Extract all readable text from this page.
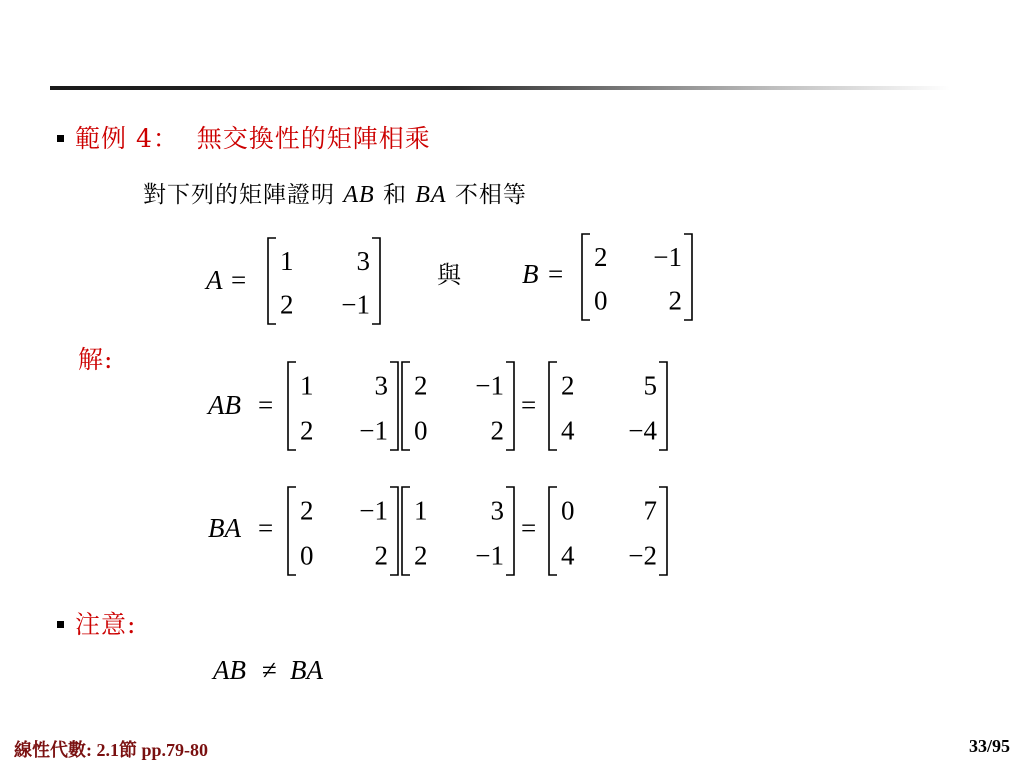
範例 4： 無交換性的矩陣相乘
對下列的矩陣證明 AB 和 BA 不相等
解:
注意:
A =
1 3
2 −1
與 B =
2 −1
0 2
AB =
1 3
2 −1
2 −1
0 2
=
2	5
4 −4
BA =
2 −1
0 2
1 3
2 −1
=
0	7
4 −2
AB ≠ BA
線性代數: 2.1節 pp.79-80	33/95
